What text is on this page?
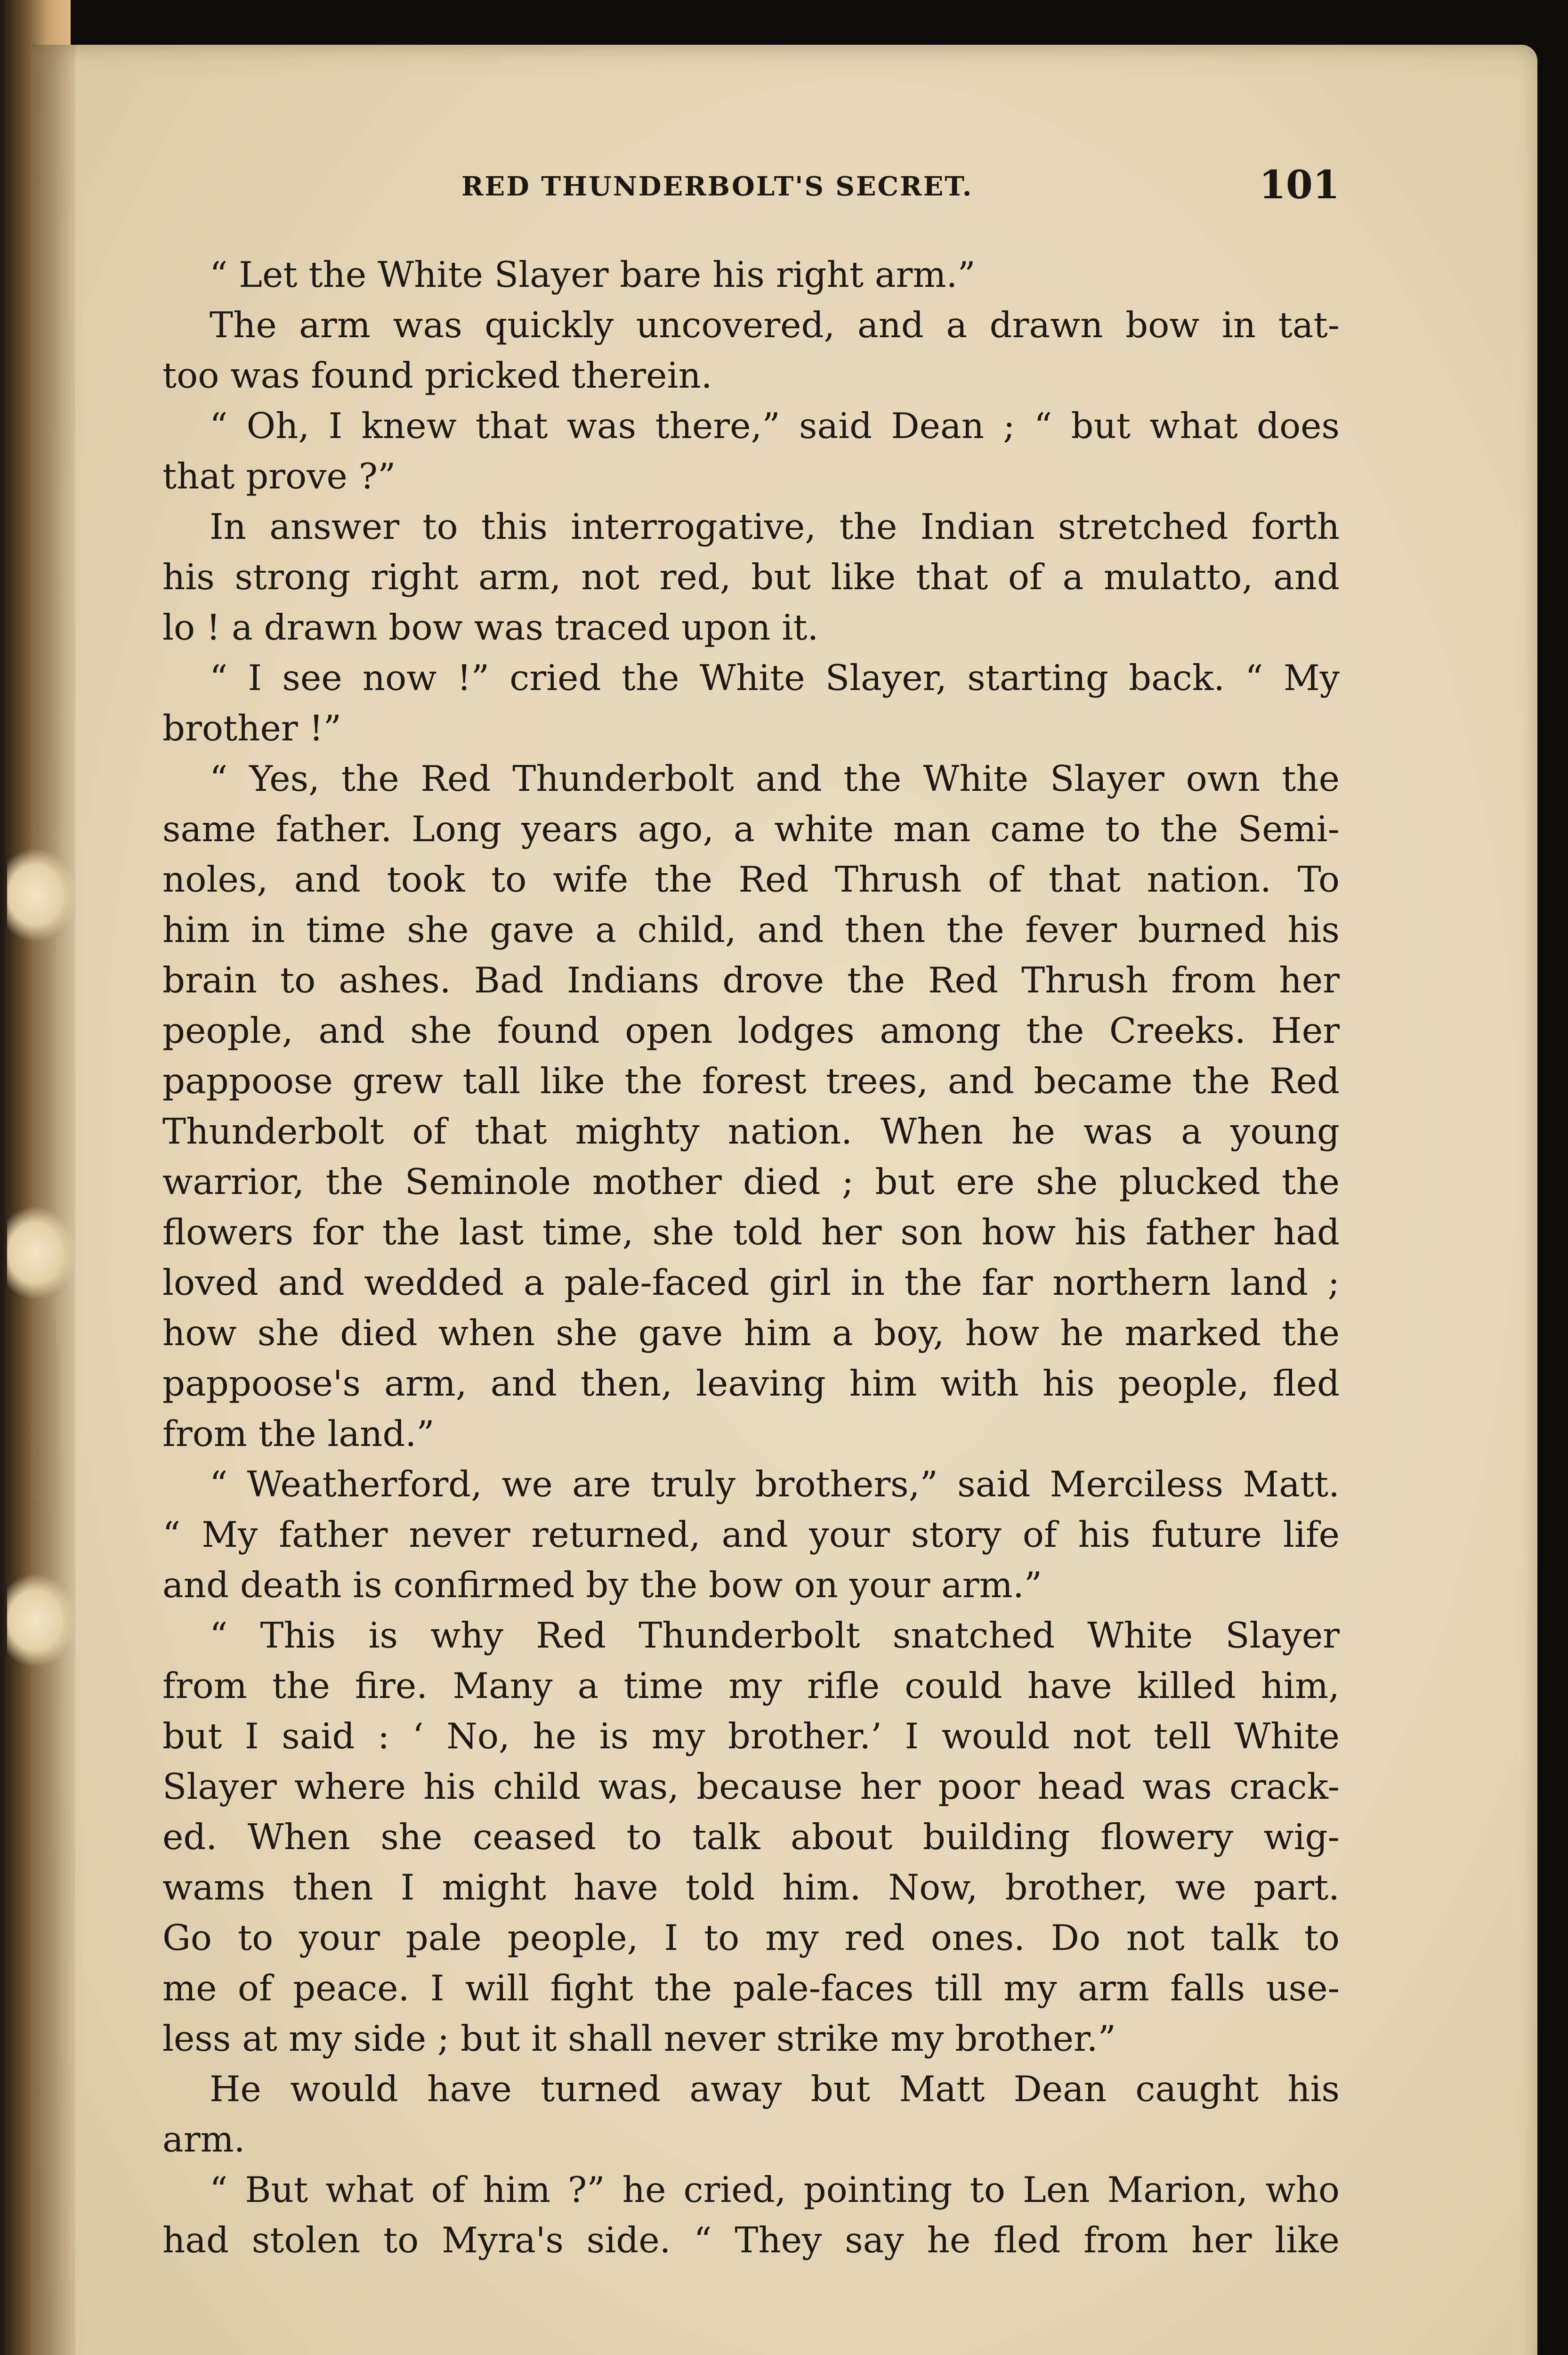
RED THUNDERBOLT'S SECRET.	101
“ Let the White Slayer bare his right arm.”
The arm was quickly uncovered, and a drawn bow in tat-
too was found pricked therein.
“ Oh, I knew that was there,” said Dean ; “ but what does
that prove ?”
In answer to this interrogative, the Indian stretched forth
his strong right arm, not red, but like that of a mulatto, and
lo ! a drawn bow was traced upon it.
“ I see now !” cried the White Slayer, starting back. “ My
brother !”
“ Yes, the Red Thunderbolt and the White Slayer own the
same father. Long years ago, a white man came to the Semi-
noles, and took to wife the Red Thrush of that nation. To
him in time she gave a child, and then the fever burned his
brain to ashes. Bad Indians drove the Red Thrush from her
people, and she found open lodges among the Creeks. Her
pappoose grew tall like the forest trees, and became the Red
Thunderbolt of that mighty nation. When he was a young
warrior, the Seminole mother died ; but ere she plucked the
flowers for the last time, she told her son how his father had
loved and wedded a pale-faced girl in the far northern land ;
how she died when she gave him a boy, how he marked the
pappoose's arm, and then, leaving him with his people, fled
from the land.”
“ Weatherford, we are truly brothers,” said Merciless Matt.
“ My father never returned, and your story of his future life
and death is confirmed by the bow on your arm.”
“ This is why Red Thunderbolt snatched White Slayer
from the fire. Many a time my rifle could have killed him,
but I said : ‘ No, he is my brother.’ I would not tell White
Slayer where his child was, because her poor head was crack-
ed. When she ceased to talk about building flowery wig-
wams then I might have told him. Now, brother, we part.
Go to your pale people, I to my red ones. Do not talk to
me of peace. I will fight the pale-faces till my arm falls use-
less at my side ; but it shall never strike my brother.”
He would have turned away but Matt Dean caught his
arm.
“ But what of him ?” he cried, pointing to Len Marion, who
had stolen to Myra's side. “ They say he fled from her like
